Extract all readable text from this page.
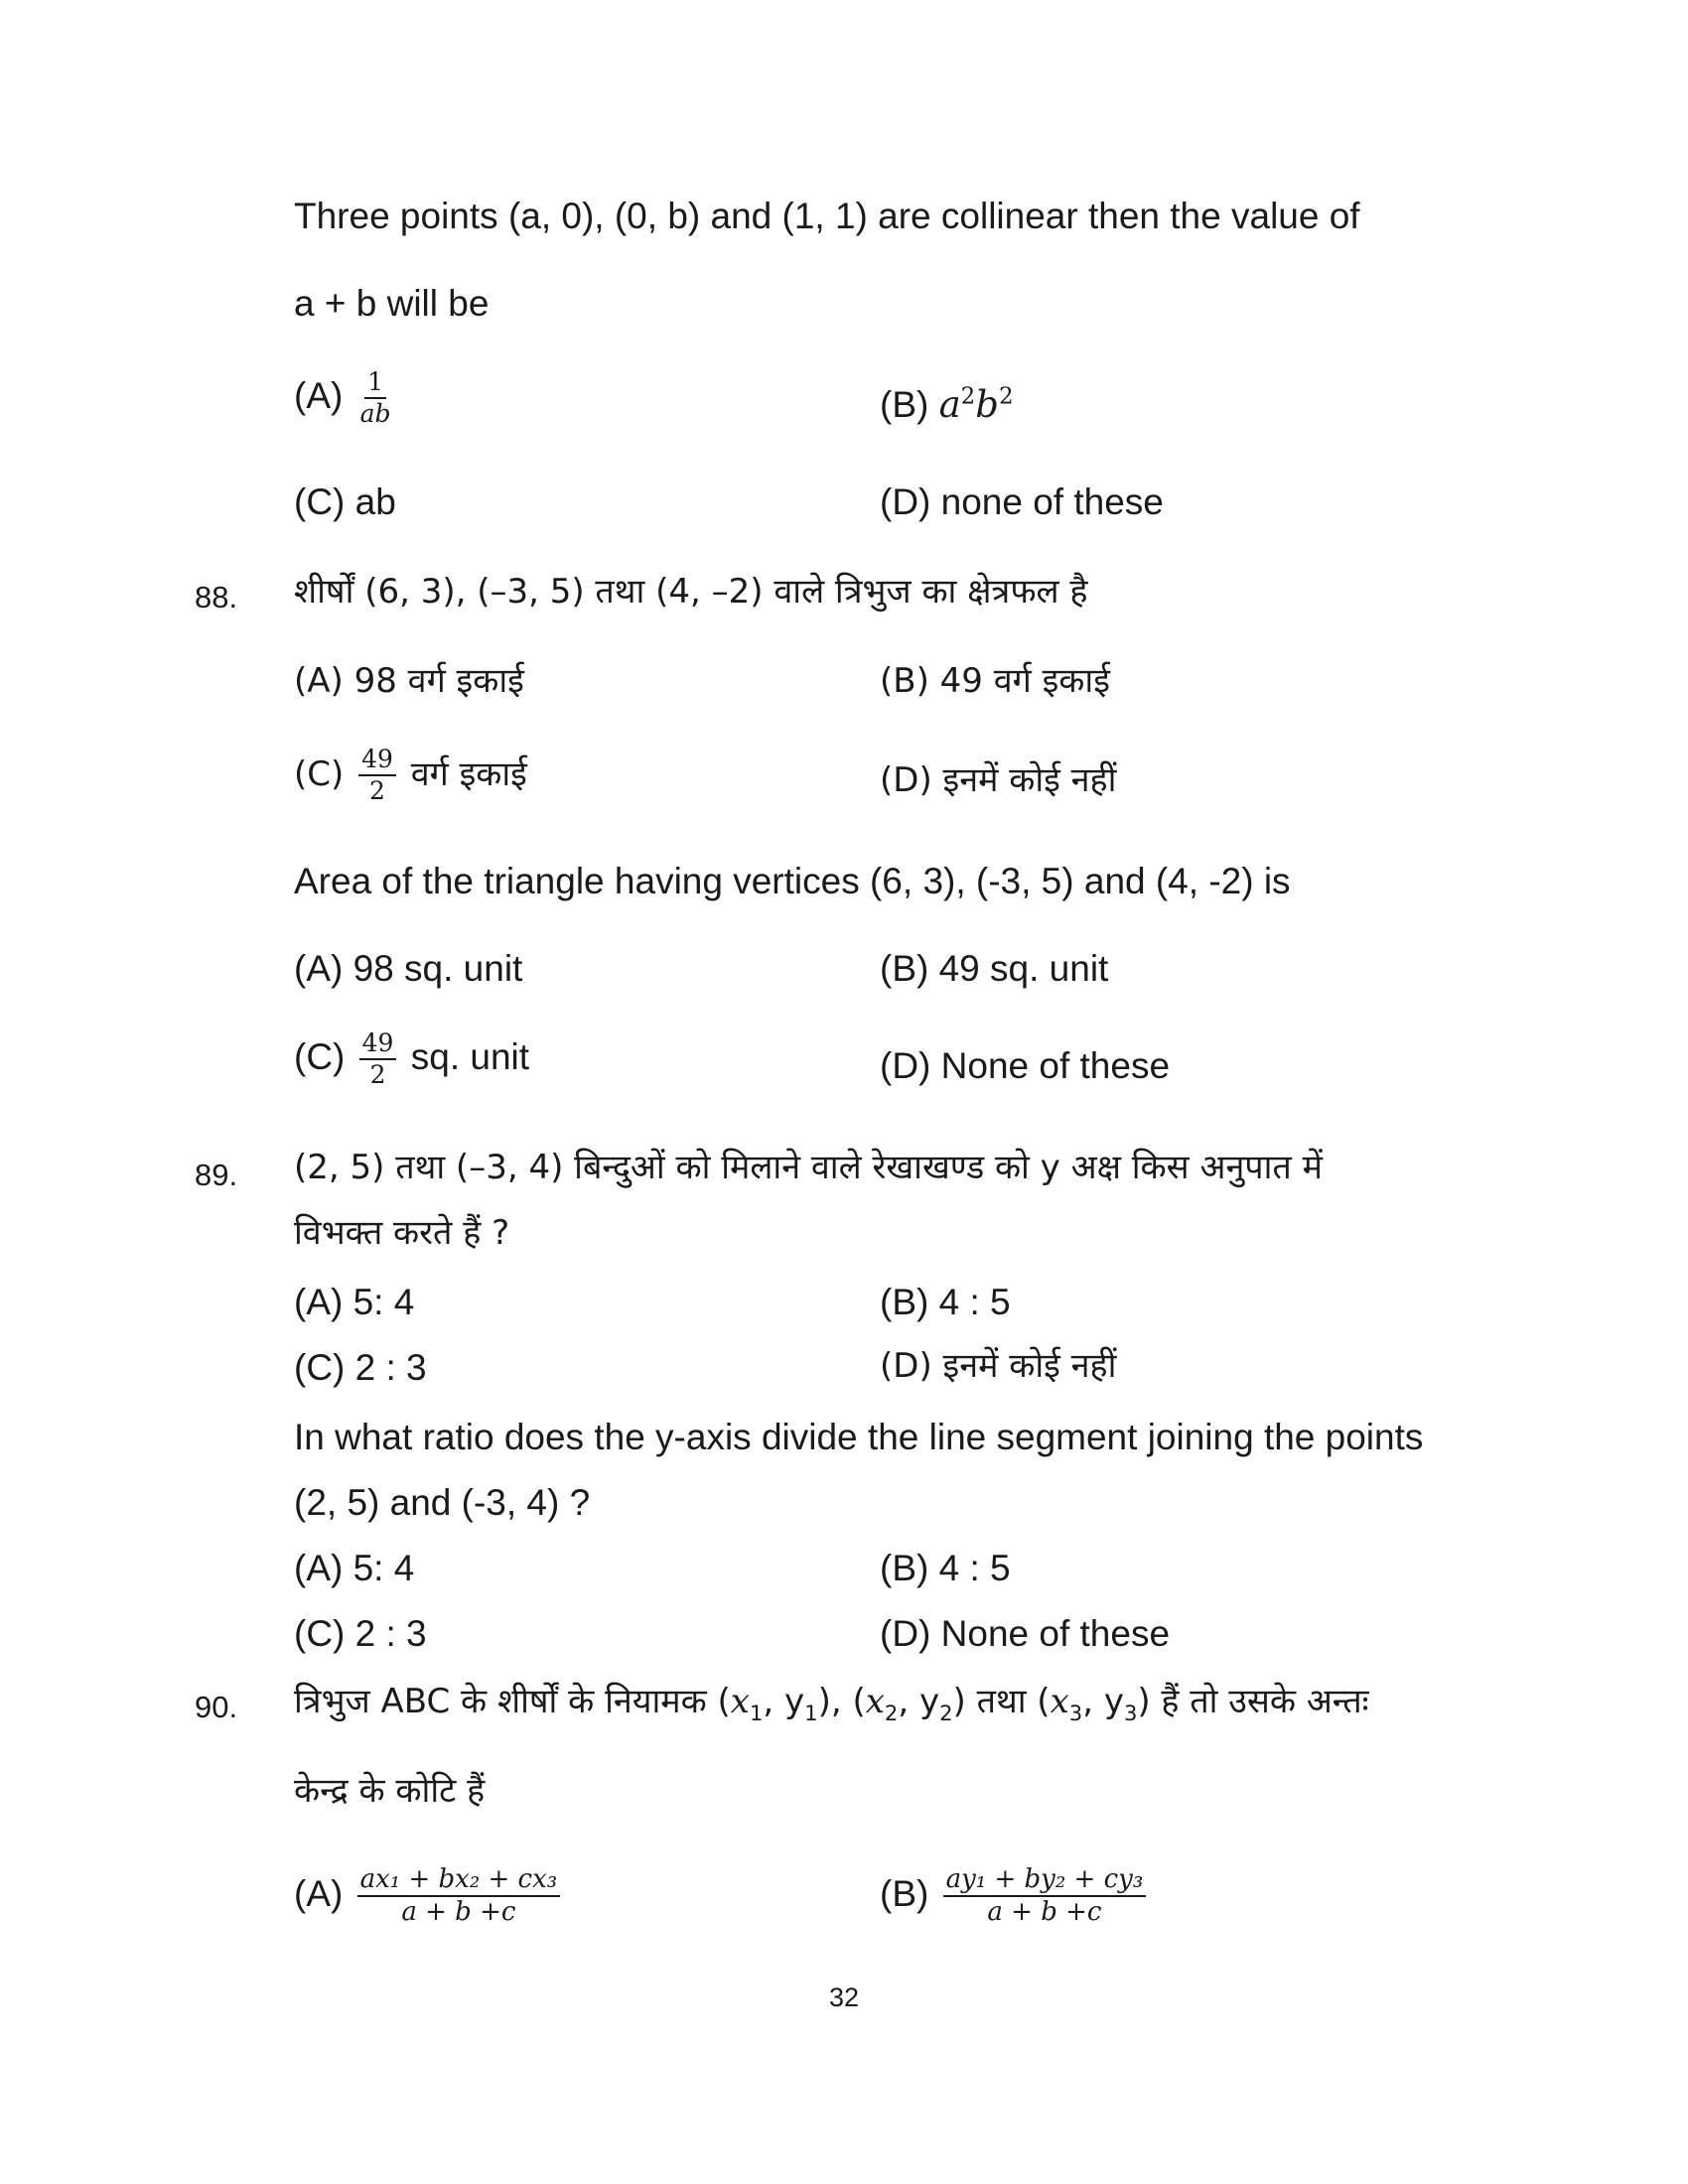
Three points (a, 0), (0, b) and (1, 1) are collinear then the value of
a + b will be
$(A) \frac{1}{ab}$	(B) $a^2b^2$
(C) ab	(D) none of these
88. शीर्षों (6, 3), (–3, 5) तथा (4, –2) वाले त्रिभुज का क्षेत्रफल है
(A) 98 वर्ग इकाई	(B) 49 वर्ग इकाई
$(C) \frac{49}{2}$ वर्ग इकाई	(D) इनमें कोई नहीं
Area of the triangle having vertices (6, 3), (-3, 5) and (4, -2) is
(A) 98 sq. unit	(B) 49 sq. unit
$(C) \frac{49}{2}$ sq. unit	(D) None of these
89. (2, 5) तथा (–3, 4) बिन्दुओं को मिलाने वाले रेखाखण्ड को y अक्ष किस अनुपात में
विभक्त करते हैं ?
(A) 5: 4	(B) 4 : 5
(C) 2 : 3	(D) इनमें कोई नहीं
In what ratio does the y-axis divide the line segment joining the points
(2, 5) and (-3, 4) ?
(A) 5: 4	(B) 4 : 5
(C) 2 : 3	(D) None of these
90. त्रिभुज ABC के शीर्षों के नियामक ($x_1$, $y_1$), ($x_2$, $y_2$) तथा ($x_3$, $y_3$) हैं तो उसके अन्तः
केन्द्र के कोटि हैं
$(A) \frac{\text{ax₁ + bx₂ + cx₃}}{a + b +c}$	$(B) \frac{\text{ay₁ + by₂ + cy₃}}{a + b +c}$
32
